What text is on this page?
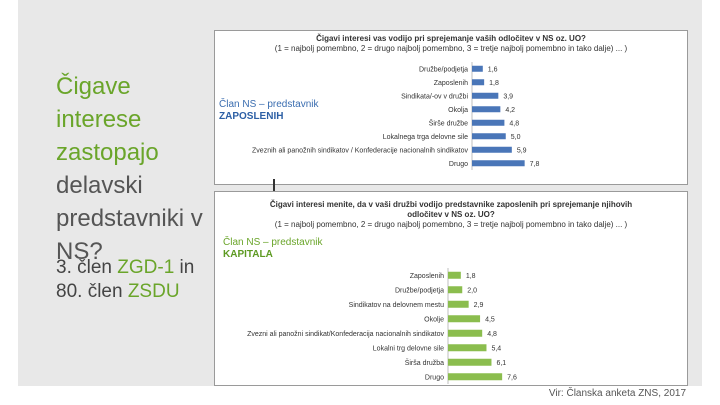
Čigave interese zastopajo delavski predstavniki v NS?
3. člen ZGD-1 in
80. člen ZSDU
Čigavi interesi vas vodijo pri sprejemanje vaših odločitev v NS oz. UO?
(1 = najbolj pomembno, 2 = drugo najbolj pomembno, 3 = tretje najbolj pomembno in tako dalje) ... )
Član NS – predstavnik
ZAPOSLENIH
Družbe/podjetja	1,6
Zaposlenih	1,8
Sindikata/-ov v družbi	3,9
Okolja	4,2
Širše družbe	4,8
Lokalnega trga delovne sile	5,0
Zveznih ali panožnih sindikatov / Konfederacije nacionalnih sindikatov	5,9
Drugo	7,8
Čigavi interesi menite, da v vaši družbi vodijo predstavnike zaposlenih pri sprejemanje njihovih odločitev v NS oz. UO?
(1 = najbolj pomembno, 2 = drugo najbolj pomembno, 3 = tretje najbolj pomembno in tako dalje) ... )
Član NS – predstavnik
KAPITALA
Zaposlenih	1,8
Družbe/podjetja	2,0
Sindikatov na delovnem mestu	2,9
Okolje	4,5
Zvezni ali panožni sindikat/Konfederacija nacionalnih sindikatov	4,8
Lokalni trg delovne sile	5,4
Širša družba	6,1
Drugo	7,6
Vir: Članska anketa ZNS, 2017
